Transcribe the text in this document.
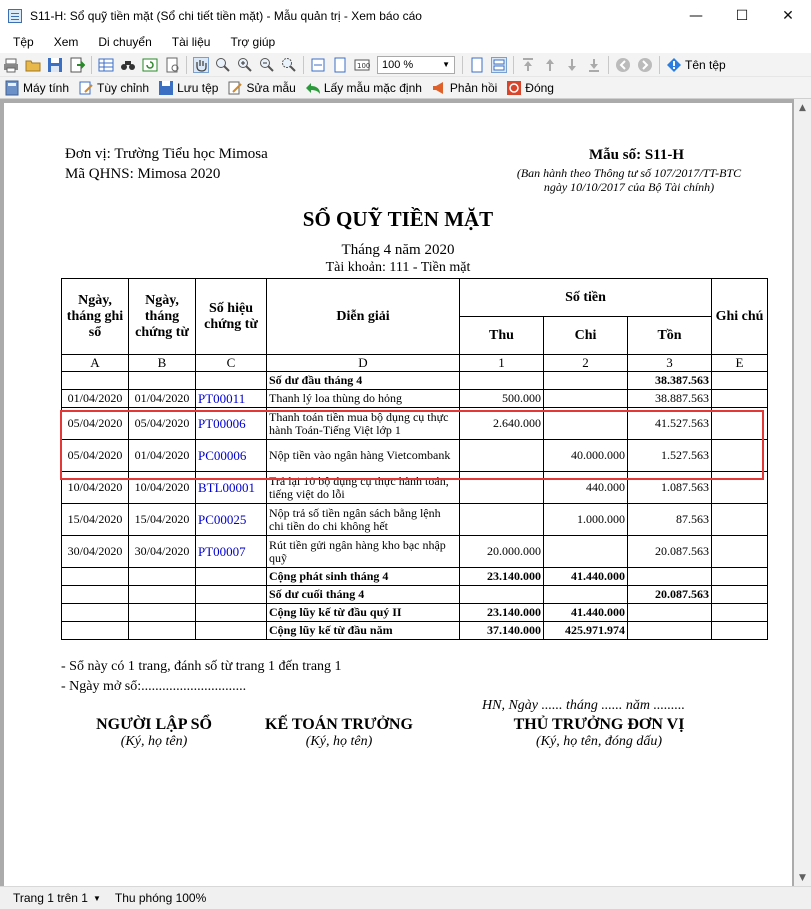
S11-H: Sổ quỹ tiền mặt (Sổ chi tiết tiền mặt) - Mẫu quản trị - Xem báo cáo	—	☐	✕
Tệp	Xem	Di chuyển	Tài liệu	Trợ giúp
100 100 %	▼	Tên tệp
Máy tính Tùy chỉnh Lưu tệp Sửa mẫu Lấy mẫu mặc định Phản hồi Đóng
Đơn vị: Trường Tiểu học Mimosa
Mã QHNS: Mimosa 2020
Mẫu số: S11-H
(Ban hành theo Thông tư số 107/2017/TT-BTC
ngày 10/10/2017 của Bộ Tài chính)
SỔ QUỸ TIỀN MẶT
Tháng 4 năm 2020
Tài khoản: 111 - Tiền mặt
Ngày, tháng ghi sổ	Ngày, tháng chứng từ	Số hiệu chứng từ	Diễn giải	Số tiền			Ghi chú
				Thu	Chi	Tồn	
A	B	C	D	1	2	3	E
			Số dư đầu tháng 4			38.387.563	
01/04/2020	01/04/2020	PT00011	Thanh lý loa thùng do hỏng	500.000		38.887.563	
05/04/2020	05/04/2020	PT00006	Thanh toán tiền mua bộ dụng cụ thực hành Toán-Tiếng Việt lớp 1	2.640.000		41.527.563	
05/04/2020	01/04/2020	PC00006	Nộp tiền vào ngân hàng Vietcombank		40.000.000	1.527.563	
10/04/2020	10/04/2020	BTL00001	Trả lại 10 bộ dụng cụ thực hành toán, tiếng việt do lỗi		440.000	1.087.563	
15/04/2020	15/04/2020	PC00025	Nộp trả số tiền ngân sách bằng lệnh chi tiền do chi không hết		1.000.000	87.563	
30/04/2020	30/04/2020	PT00007	Rút tiền gửi ngân hàng kho bạc nhập quỹ	20.000.000		20.087.563	
			Cộng phát sinh tháng 4	23.140.000	41.440.000		
			Số dư cuối tháng 4			20.087.563	
			Cộng lũy kế từ đầu quý II	23.140.000	41.440.000		
			Cộng lũy kế từ đầu năm	37.140.000	425.971.974		
- Sổ này có 1 trang, đánh số từ trang 1 đến trang 1
- Ngày mở sổ:..............................
HN, Ngày ...... tháng ...... năm .........
NGƯỜI LẬP SỔ
(Ký, họ tên)
KẾ TOÁN TRƯỞNG
(Ký, họ tên)
THỦ TRƯỞNG ĐƠN VỊ
(Ký, họ tên, đóng dấu)
▲
▼
Trang 1 trên 1 ▼ Thu phóng 100%
